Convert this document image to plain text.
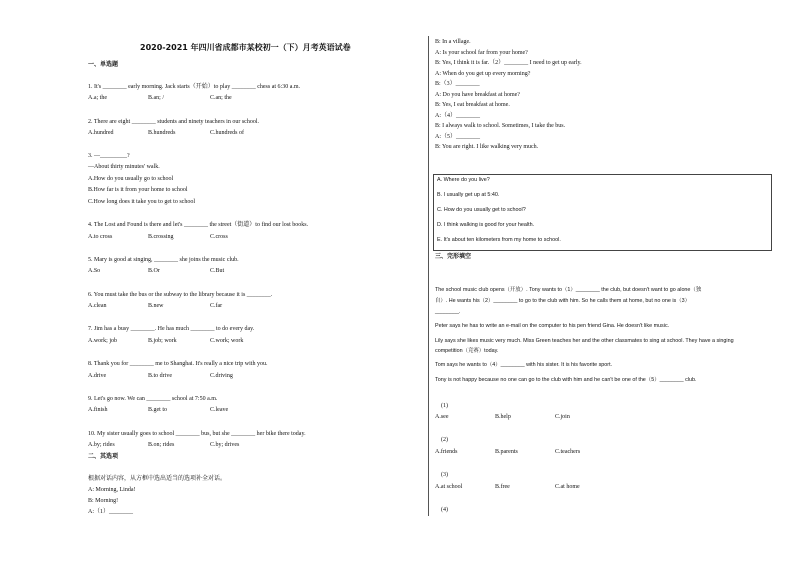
2020-2021 年四川省成都市某校初一（下）月考英语试卷
一、单选题
1. It's ________ early morning. Jack starts（开始）to play ________ chess at 6:30 a.m.
A.a; the	B.an; /	C.an; the
2. There are eight ________ students and ninety teachers in our school.
A.hundred	B.hundreds	C.hundreds of
3. —_________?
—About thirty minutes' walk.
A.How do you usually go to school
B.How far is it from your home to school
C.How long does it take you to get to school
4. The Lost and Found is there and let's ________ the street（街道）to find our lost books.
A.to cross	B.crossing	C.cross
5. Mary is good at singing, ________ she joins the music club.
A.So	B.Or	C.But
6. You must take the bus or the subway to the library because it is ________.
A.clean	B.new	C.far
7. Jim has a busy ________. He has much ________ to do every day.
A.work; job	B.job; work	C.work; work
8. Thank you for ________ me to Shanghai. It's really a nice trip with you.
A.drive	B.to drive	C.driving
9. Let's go now. We can ________ school at 7:50 a.m.
A.finish	B.get to	C.leave
10. My sister usually goes to school ________ bus, but she ________ her bike there today.
A.by; rides	B.on; rides	C.by; drives
二、其选项
根据对话内容，从方框中选出适当的选项补全对话。
A: Morning, Linda!
B: Morning!
A:（1）________
B: In a village.
A: Is your school far from your home?
B: Yes, I think it is far.（2）________ I need to get up early.
A: When do you get up every morning?
B:（3）________
A: Do you have breakfast at home?
B: Yes, I eat breakfast at home.
A:（4）________
B: I always walk to school. Sometimes, I take the bus.
A:（5）________
B: You are right. I like walking very much.
A. Where do you live?
B. I usually get up at 5:40.
C. How do you usually get to school?
D. I think walking is good for your health.
E. It's about ten kilometers from my home to school.
三、完形填空
The school music club opens（开放）. Tony wants to（1）________ the club, but doesn't want to go alone（独
自）. He wants his（2）________ to go to the club with him. So he calls them at home, but no one is（3）
________.
Peter says he has to write an e-mail on the computer to his pen friend Gina. He doesn't like music.
Lily says she likes music very much. Miss Green teaches her and the other classmates to sing at school. They have a singing
competition（竞赛）today.
Tom says he wants to（4）________ with his sister. It is his favorite sport.
Tony is not happy because no one can go to the club with him and he can't be one of the（5）________ club.
(1)
A.see	B.help	C.join
(2)
A.friends	B.parents	C.teachers
(3)
A.at school	B.free	C.at home
(4)
